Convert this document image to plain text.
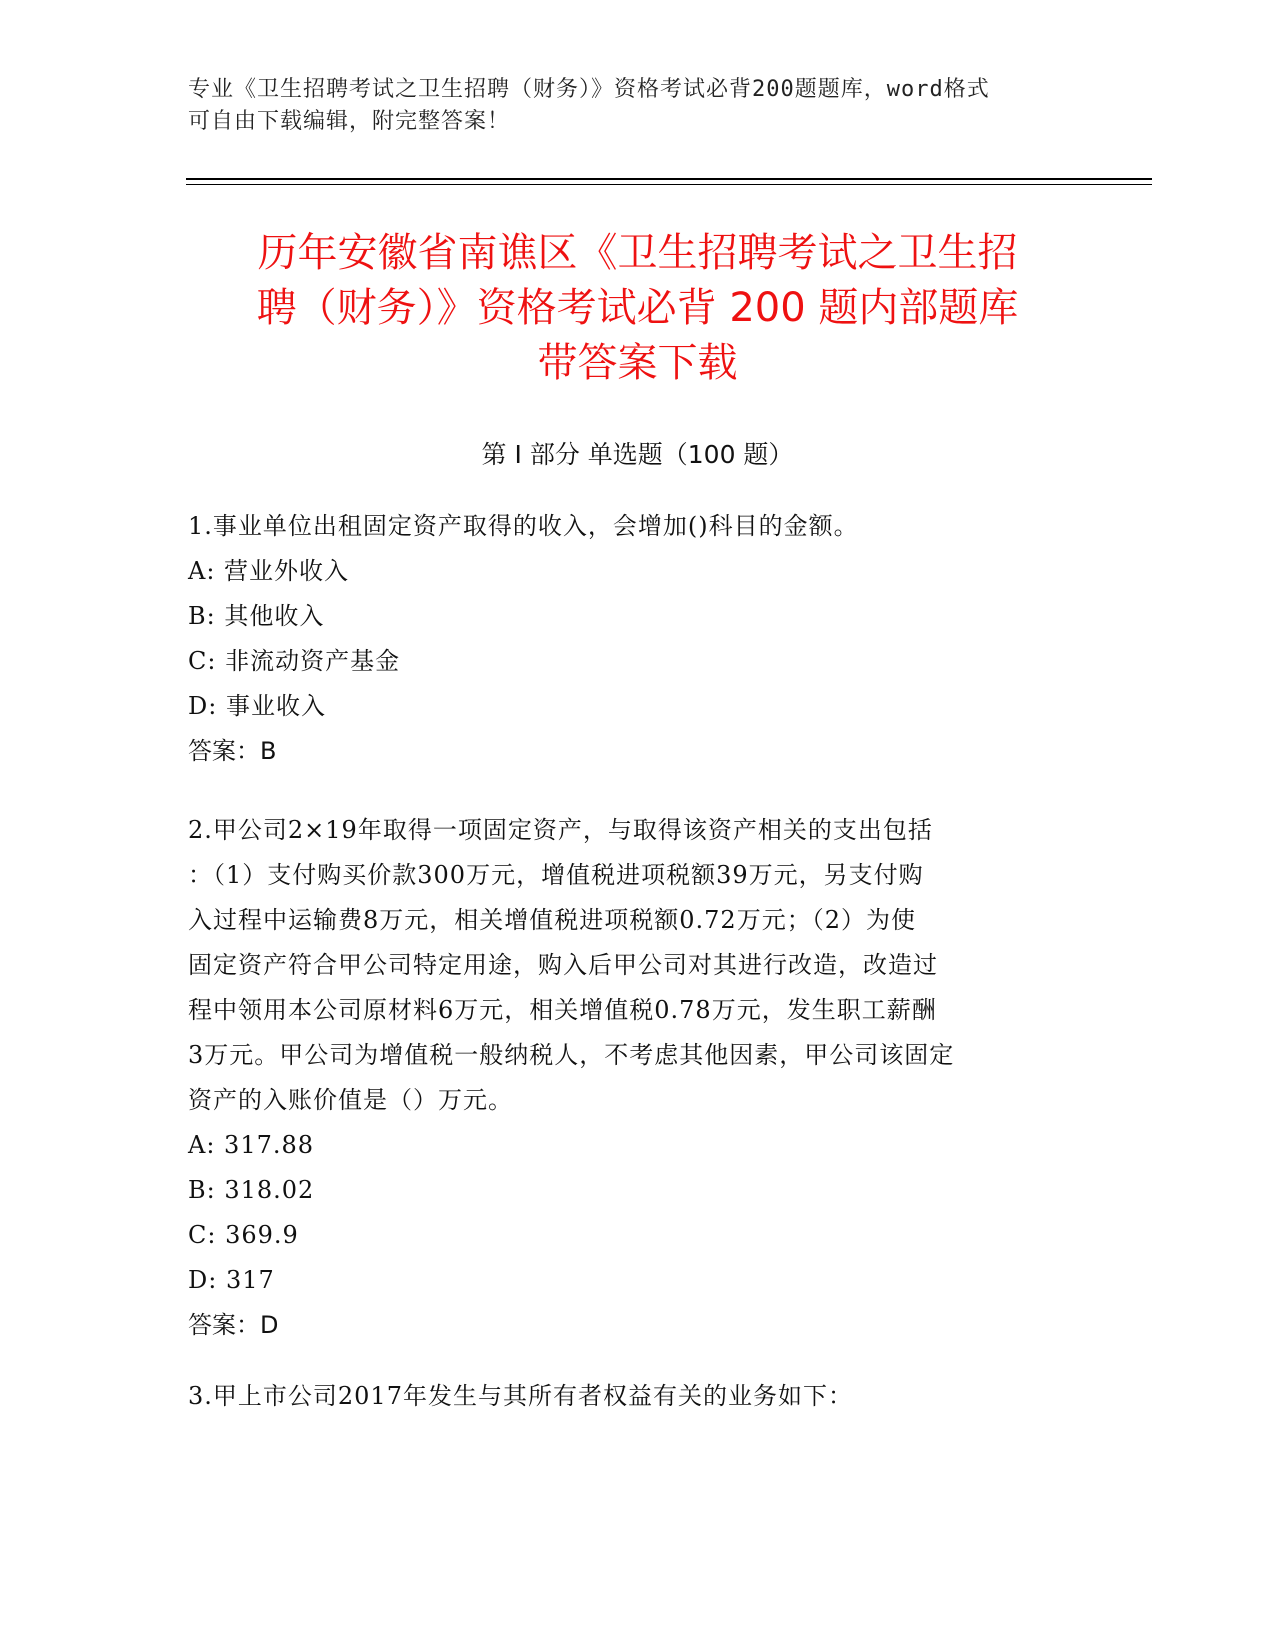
专业《卫生招聘考试之卫生招聘（财务）》资格考试必背200题题库，word格式
可自由下载编辑，附完整答案！
历年安徽省南谯区《卫生招聘考试之卫生招
聘（财务）》资格考试必背 200 题内部题库
带答案下载
第 I 部分 单选题（100 题）
1.事业单位出租固定资产取得的收入，会增加()科目的金额。
A: 营业外收入
B: 其他收入
C: 非流动资产基金
D: 事业收入
答案：B
2.甲公司2×19年取得一项固定资产，与取得该资产相关的支出包括
：（1）支付购买价款300万元，增值税进项税额39万元，另支付购
入过程中运输费8万元，相关增值税进项税额0.72万元；（2）为使
固定资产符合甲公司特定用途，购入后甲公司对其进行改造，改造过
程中领用本公司原材料6万元，相关增值税0.78万元，发生职工薪酬
3万元。甲公司为增值税一般纳税人，不考虑其他因素，甲公司该固定
资产的入账价值是（）万元。
A: 317.88
B: 318.02
C: 369.9
D: 317
答案：D
3.甲上市公司2017年发生与其所有者权益有关的业务如下：
